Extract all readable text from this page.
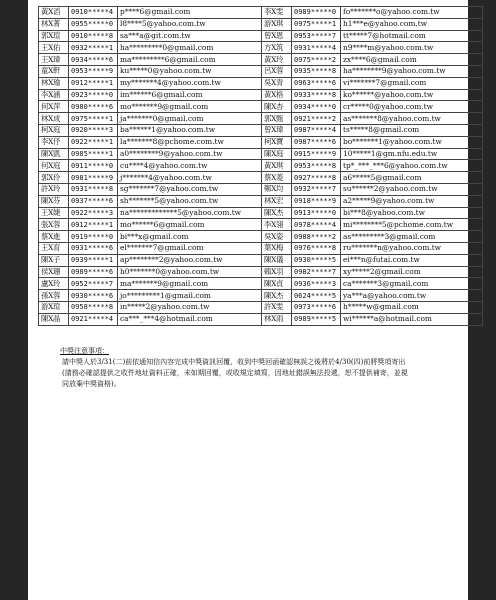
黃X滔	0910*****4	p****6@gmail.com	李X雯	0989*****0	fo*******o@yahoo.com.tw
林X菁	0955*****0	l8****5@yahoo.com.tw	游X琪	0975*****1	h1***e@yahoo.com.tw
郭X瑄	0910*****8	sa***a@git.com.tw	曾X恩	0953*****7	tt*****7@hotmail.com
王X佑	0932*****1	ha*********0@gmail.com	方X筑	0931*****4	n9****m@yahoo.com.tw
王X瑋	0934*****6	ma*********6@gmail.com	黃X玲	0975*****2	zx****6@gmail.com
童X軒	0953*****9	ku*****0@yahoo.com.tw	呂X蓉	0935*****8	ha********9@yahoo.com.tw
林X瑜	0912*****1	my*******4@yahoo.com.tw	吳X青	0963*****6	vi*******7@gmail.com
李X涵	0923*****0	im******6@gmail.com	黃X格	0933*****8	ko******@yahoo.com.tw
何X萍	0980*****6	mo*******9@gmail.com	陳X杏	0934*****0	cr*****0@yahoo.com.tw
林X成	0975*****1	ja*******0@gmail.com	郭X甄	0921*****2	as*******8@yahoo.com.tw
柯X庭	0920*****3	ba******1@yahoo.com.tw	曾X瑋	0987*****4	ts*****8@gmail.com
李X伃	0922*****1	la*******8@pchome.com.tw	柯X寶	0987*****6	bo*******1@yahoo.com.tw
陳X凱	0985*****1	a0********9@yahoo.com.tw	陳X庭	0915*****9	10*****1@gm.nfu.edu.tw
何X庭	0911*****0	cu****4@yahoo.com.tw	黃X琪	0953*****8	tp*_***_***6@yahoo.com.tw
郭X伶	0981*****9	j*******4@yahoo.com.tw	蔡X菱	0927*****8	a6*****5@gmail.com
許X玲	0931*****8	sg*******7@yahoo.com.tw	鄭X均	0932*****7	su******2@yahoo.com.tw
陳X芬	0937*****6	sh*******5@yahoo.com.tw	林X宏	0918*****9	a2*****9@yahoo.com.tw
王X婕	0922*****3	na*************5@yahoo.com.tw	陳X杰	0913*****0	bi***8@yahoo.com.tw
張X蓉	0912*****1	mo******6@gmail.com	李X翎	0978*****4	mi********5@pchome.com.tw
蔡X進	0919*****0	bi***x@gmail.com	吳X姿	0988*****2	as*********3@gmail.com
王X育	0931*****6	el*******7@gmail.com	葉X梅	0976*****8	ru*******n@yahoo.com.tw
陳X子	0939*****1	ap********2@yahoo.com.tw	陳X儀	0930*****5	ei***n@futai.com.tw
侯X珊	0989*****6	h0*******0@yahoo.com.tw	賴X羽	0982*****7	xy*****2@gmail.com
盧X玲	0952*****7	ma*******9@gmail.com	陳X貞	0936*****3	ca*******3@gmail.com
孫X蓉	0930*****6	jo*********1@gmail.com	陳X杰	0624*****5	ya***a@yahoo.com.tw
游X瑄	0958*****8	in*****2@yahoo.com.tw	許X雯	0973*****6	h*****w@gmail.com
陳X晶	0921*****4	ca***_***4@hotmail.com	林X雨	0989*****5	wi******a@hotmail.com

中獎注意事項：

請中獎人於3/31(二)前依通知信內容完成中獎資訊回覆，收到中獎回函確認無誤之後將於4/30(四)前將獎項寄出

(請務必確認提供之收件地址資料正確，未如期回覆，或收規定填寫，因地址錯誤無法投遞，恕不提供補寄，並視

同放棄中獎資格)。
